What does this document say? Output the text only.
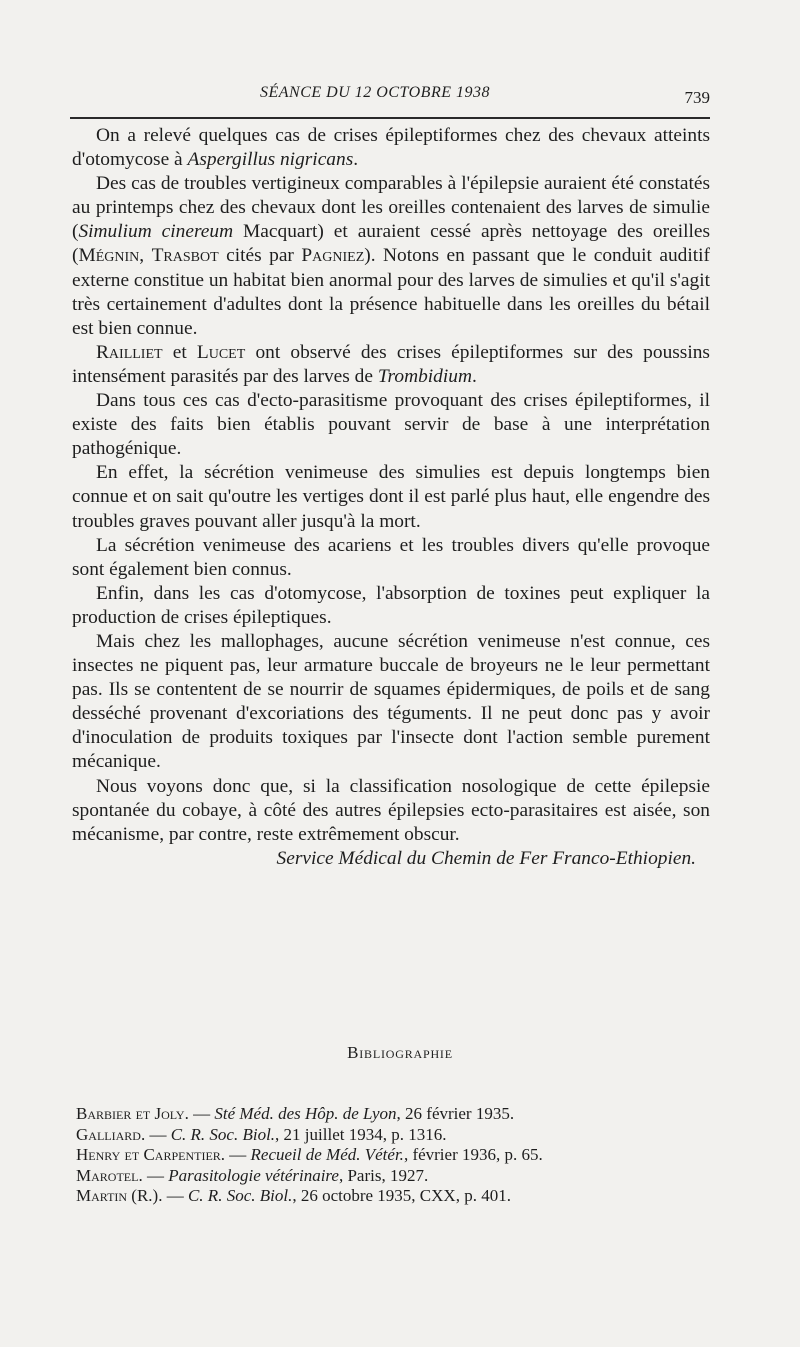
SÉANCE DU 12 OCTOBRE 1938	739

On a relevé quelques cas de crises épileptiformes chez des chevaux atteints d'otomycose à Aspergillus nigricans.

Des cas de troubles vertigineux comparables à l'épilepsie auraient été constatés au printemps chez des chevaux dont les oreilles contenaient des larves de simulie (Simulium cinereum Macquart) et auraient cessé après nettoyage des oreilles (Mégnin, Trasbot cités par Pagniez). Notons en passant que le conduit auditif externe constitue un habitat bien anormal pour des larves de simulies et qu'il s'agit très certainement d'adultes dont la présence habituelle dans les oreilles du bétail est bien connue.

Railliet et Lucet ont observé des crises épileptiformes sur des poussins intensément parasités par des larves de Trombidium.

Dans tous ces cas d'ecto-parasitisme provoquant des crises épileptiformes, il existe des faits bien établis pouvant servir de base à une interprétation pathogénique.

En effet, la sécrétion venimeuse des simulies est depuis longtemps bien connue et on sait qu'outre les vertiges dont il est parlé plus haut, elle engendre des troubles graves pouvant aller jusqu'à la mort.

La sécrétion venimeuse des acariens et les troubles divers qu'elle provoque sont également bien connus.

Enfin, dans les cas d'otomycose, l'absorption de toxines peut expliquer la production de crises épileptiques.

Mais chez les mallophages, aucune sécrétion venimeuse n'est connue, ces insectes ne piquent pas, leur armature buccale de broyeurs ne le leur permettant pas. Ils se contentent de se nourrir de squames épidermiques, de poils et de sang desséché provenant d'excoriations des téguments. Il ne peut donc pas y avoir d'inoculation de produits toxiques par l'insecte dont l'action semble purement mécanique.

Nous voyons donc que, si la classification nosologique de cette épilepsie spontanée du cobaye, à côté des autres épilepsies ecto-parasitaires est aisée, son mécanisme, par contre, reste extrêmement obscur.

Service Médical du Chemin de Fer Franco-Ethiopien.

Bibliographie
Barbier et Joly. — Sté Méd. des Hôp. de Lyon, 26 février 1935.
Galliard. — C. R. Soc. Biol., 21 juillet 1934, p. 1316.
Henry et Carpentier. — Recueil de Méd. Vétér., février 1936, p. 65.
Marotel. — Parasitologie vétérinaire, Paris, 1927.
Martin (R.). — C. R. Soc. Biol., 26 octobre 1935, CXX, p. 401.
